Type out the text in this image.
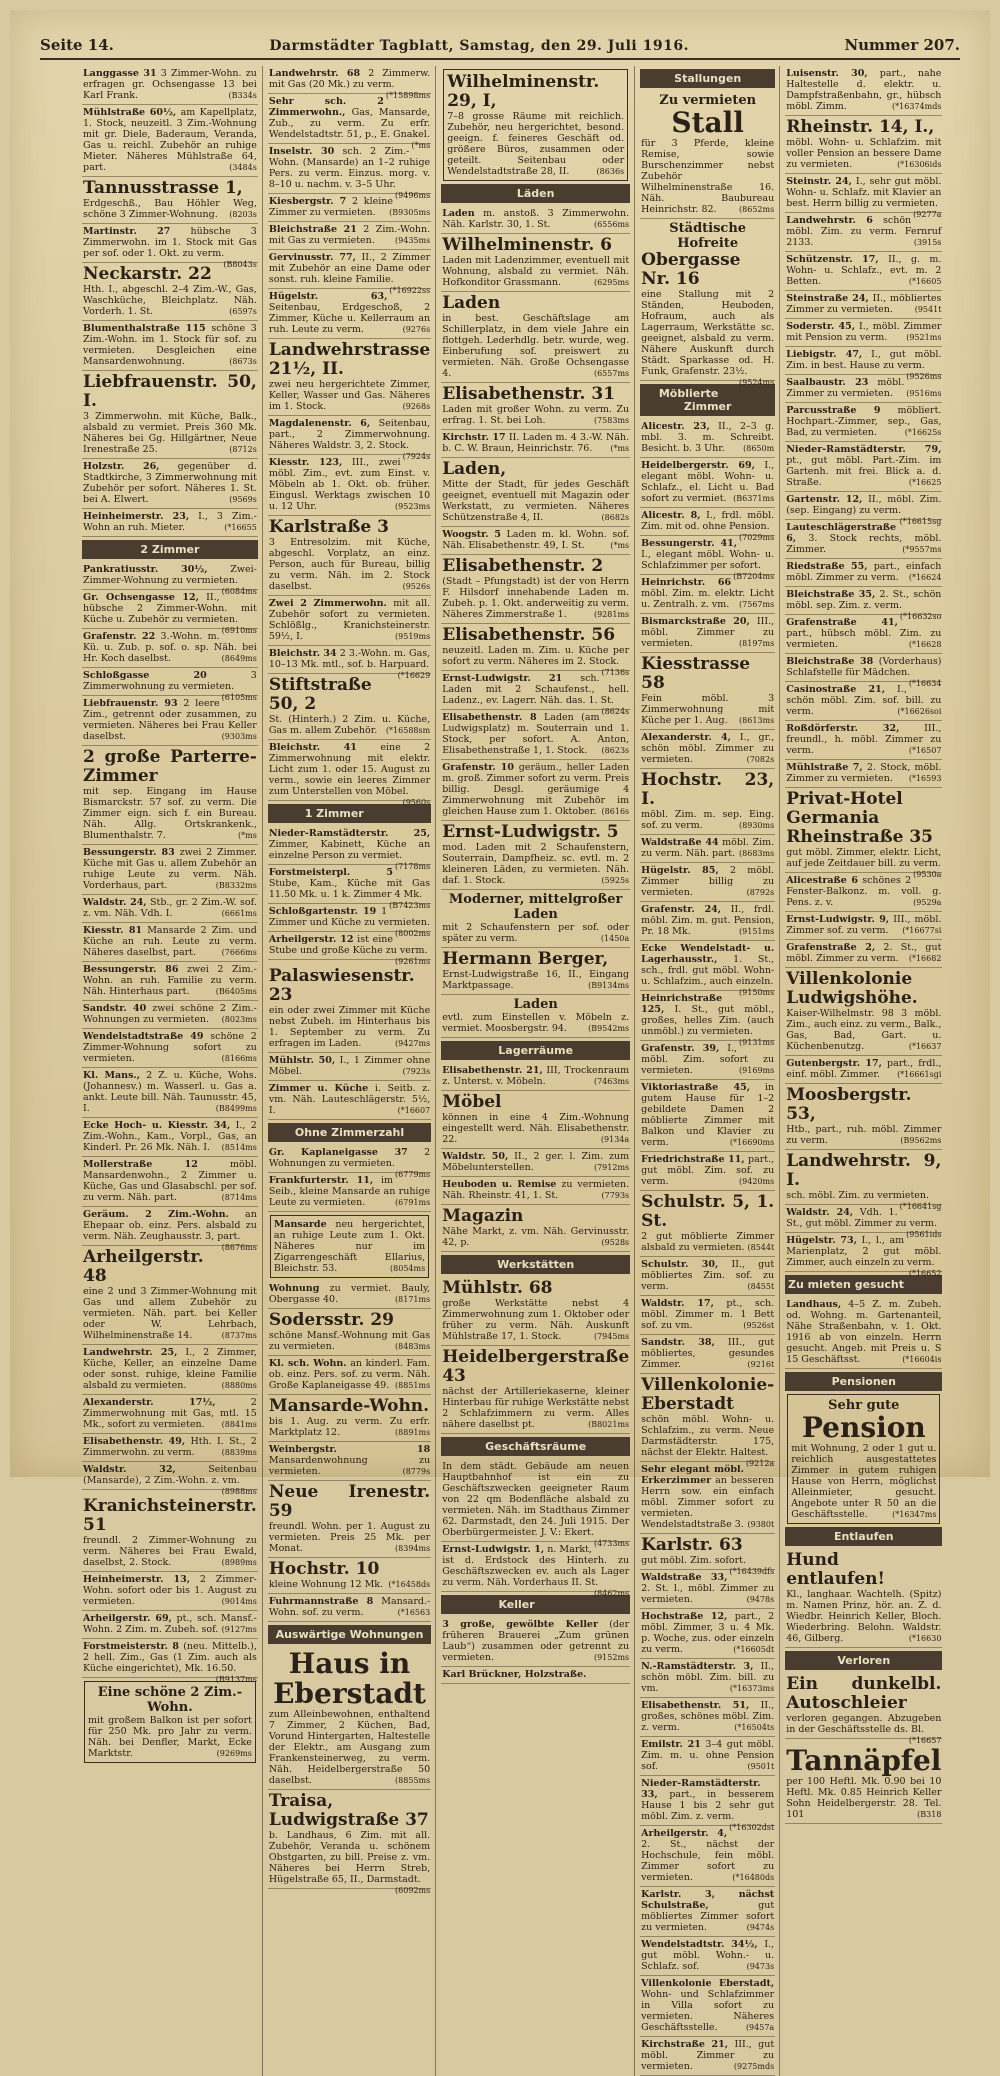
Seite 14.	Darmstädter Tagblatt, Samstag, den 29. Juli 1916.	Nummer 207.
Langgasse 31 3 Zimmer-Wohn. zu erfragen gr. Ochsengasse 13 bei Karl Frank.	(B334s
Mühlstraße 60½, am Kapellplatz, 1. Stock, neuzeitl. 3 Zim.-Wohnung mit gr. Diele, Baderaum, Veranda, Gas u. reichl. Zubehör an ruhige Mieter. Näheres Mühlstraße 64, part.	(3484s
Tannusstrasse 1,
Erdgeschß., Bau Höhler Weg, schöne 3 Zimmer-Wohnung. (8203s
Martinstr. 27 hübsche 3 Zimmerwohn. im 1. Stock mit Gas per sof. oder 1. Okt. zu verm.
(B8043s
Neckarstr. 22
Hth. I., abgeschl. 2–4 Zim.-W., Gas, Waschküche, Bleichplatz. Näh. Vorderh. 1. St.	(6597s
Blumenthalstraße 115 schöne 3 Zim.-Wohn. im 1. Stock für sof. zu vermieten. Desgleichen eine Mansardenwohnung.	(8673s
Liebfrauenstr. 50, I.
3 Zimmerwohn. mit Küche, Balk., alsbald zu vermiet. Preis 360 Mk. Näheres bei Gg. Hillgärtner, Neue Irenestraße 25.	(8712s
Holzstr. 26, gegenüber d. Stadtkirche, 3 Zimmerwohnung mit Zubehör per sofort. Näheres 1. St. bei A. Elwert.	(9569s
Heinheimerstr. 23, I., 3 Zim.-Wohn an ruh. Mieter.	(*16655
2 Zimmer
Pankratiusstr. 30½, Zwei-Zimmer-Wohnung zu vermieten.
(6084ms
Gr. Ochsengasse 12, II., hübsche 2 Zimmer-Wohn. mit Küche u. Zubehör zu vermieten.
(6910ms
Grafenstr. 22 3.-Wohn. m. Kü. u. Zub. p. sof. o. sp. Näh. bei Hr. Koch daselbst.	(8649ms
Schloßgasse 20	3 Zimmerwohnung zu vermieten.
(6105ms
Liebfrauenstr. 93 2 leere Zim., getrennt oder zusammen, zu vermieten. Näheres bei Frau Keller daselbst.	(9303ms
2 große Parterre-Zimmer
mit sep. Eingang im Hause Bismarckstr. 57 sof. zu verm. Die Zimmer eign. sich f. ein Bureau. Näh. Allg. Ortskrankenk., Blumenthalstr. 7.	(*ms
Bessungerstr. 83 zwei 2 Zimmer. Küche mit Gas u. allem Zubehör an ruhige Leute zu verm. Näh. Vorderhaus, part.	(B8332ms
Waldstr. 24, Stb., gr. 2 Zim.-W. sof. z. vm. Näh. Vdh. I.	(6661ms
Kiesstr. 81 Mansarde 2 Zim. und Küche an ruh. Leute zu verm. Näheres daselbst, part.	(7666ms
Bessungerstr. 86 zwei 2 Zim.-Wohn. an ruh. Familie zu verm. Näh. Hinterhaus part.	(B6405ms
Sandstr. 40 zwei schöne 2 Zim.-Wohnungen zu vermieten. (8023ms
Wendelstadtstraße 49 schöne 2 Zimmer-Wohnung sofort zu vermieten.	(8166ms
Kl. Mans., 2 Z. u. Küche, Wohs. (Johannesv.) m. Wasserl. u. Gas a. ankt. Leute bill. Näh. Taunusstr. 45, I.	(B8499ms
Ecke Hoch- u. Kiesstr. 34, I., 2 Zim.-Wohn., Kam., Vorpl., Gas, an Kinderl. Pr. 26 Mk. Näh. I. (8514ms
Mollerstraße 12	möbl. Mansardenwohn., 2 Zimmer u. Küche, Gas und Glasabschl. per sof. zu verm. Näh. part.	(8714ms
Geräum. 2 Zim.-Wohn. an Ehepaar ob. einz. Pers. alsbald zu verm. Näh. Zeughausstr. 3, part.
(8676ms
Arheilgerstr. 48
eine 2 und 3 Zimmer-Wohnung mit Gas und allem Zubehör zu vermieten. Näh. part. bei Keller oder W. Lehrbach, Wilhelminenstraße 14.	(8737ms
Landwehrstr. 25, I., 2 Zimmer, Küche, Keller, an einzelne Dame oder sonst. ruhige, kleine Familie alsbald zu vermieten.	(8880ms
Alexanderstr. 17½,	2 Zimmerwohnung mit Gas, mtl. 15 Mk., sofort zu vermieten. (8841ms
Elisabethenstr. 49, Hth. I. St., 2 Zimmerwohn. zu verm.	(8839ms
Waldstr. 32,	Seitenbau (Mansarde), 2 Zim.-Wohn. z. vm.
(8988ms
Kranichsteinerstr. 51
freundl. 2 Zimmer-Wohnung zu verm. Näheres bei Frau Ewald, daselbst, 2. Stock.	(8989ms
Heinheimerstr. 13, 2 Zimmer-Wohn. sofort oder bis 1. August zu vermieten.	(9014ms
Arheilgerstr. 69, pt., sch. Mansf.-Wohn. 2 Zim. m. Zubeh. sof. (9127ms
Forstmeisterstr. 8 (neu. Mittelb.), 2 hell. Zim., Gas (1 Zim. auch als Küche eingerichtet), Mk. 16.50.
(B9137ms
Eine schöne 2 Zim.-Wohn.
mit großem Balkon ist per sofort für 250 Mk. pro Jahr zu verm. Näh. bei Denfler, Markt, Ecke Marktstr.	(9269ms
Landwehrstr. 68 2 Zimmerw. mit Gas (20 Mk.) zu verm.
(*15898ms
Sehr sch. 2 Zimmerwohn., Gas, Mansarde, Zub., zu verm. Zu erfr. Wendelstadtstr. 51, p., E. Gnakel.
(*ms
Inselstr. 30 sch. 2 Zim.-Wohn. (Mansarde) an 1–2 ruhige Pers. zu verm. Einzus. morg. v. 8–10 u. nachm. v. 3–5 Uhr.
(9496ms
Kiesbergstr. 7 2 kleine Zimmer zu vermieten. (B9305ms
Bleichstraße 21 2 Zim.-Wohn. mit Gas zu vermieten.	(9435ms
Gervinusstr. 77, II., 2 Zimmer mit Zubehör an eine Dame oder sonst. ruh. kleine Familie.
(*16922ss
Hügelstr. 63, Seitenbau, Erdgeschoß, 2 Zimmer, Küche u. Kellerraum an ruh. Leute zu verm.	(9276s
Landwehrstrasse 21½, II.
zwei neu hergerichtete Zimmer, Keller, Wasser und Gas. Näheres im 1. Stock.	(9268s
Magdalenenstr. 6, Seitenbau, part., 2 Zimmerwohnung. Näheres Waldstr. 3, 2. Stock.
(7924s
Kiesstr. 123, III., zwei möbl. Zim., evt. zum Einst. v. Möbeln ab 1. Okt. ob. früher. Eingusl. Werktags zwischen 10 u. 12 Uhr.	(9523ms
Karlstraße 3
3 Entresolzim. mit Küche, abgeschl. Vorplatz, an einz. Person, auch für Bureau, billig zu verm. Näh. im 2. Stock daselbst.	(9526s
Zwei 2 Zimmerwohn. mit all. Zubehör sofort zu vermieten. Schlößlg., Kranichsteinerstr. 59½, I.	(9519ms
Bleichstr. 34 2 3.-Wohn. m. Gas, 10–13 Mk. mtl., sof. b. Harpuard.
(*16629
Stiftstraße 50, 2
St. (Hinterh.) 2 Zim. u. Küche, Gas m. allem Zubehör. (*16588sm
Bleichstr. 41 eine 2 Zimmerwohnung mit elektr. Licht zum 1. oder 15. August zu verm., sowie ein leeres Zimmer zum Unterstellen von Möbel.
(9560s
1 Zimmer
Nieder-Ramstädterstr. 25, Zimmer, Kabinett, Küche an einzelne Person zu vermiet.
(7178ms
Forstmeisterpl. 5 Stube, Kam., Küche mit Gas 11.50 Mk. u. 1 k. Zimmer 4 Mk.
(B7423ms
Schloßgartenstr. 19 1 Zimmer und Küche zu vermieten.
(8002ms
Arheilgerstr. 12 ist eine Stube und große Küche zu verm.
(9261ms
Palaswiesenstr. 23
ein oder zwei Zimmer mit Küche nebst Zubeh. im Hinterhaus bis 1. September zu verm. Zu erfragen im Laden.	(9427ms
Mühlstr. 50, I., 1 Zimmer ohne Möbel.	(7923s
Zimmer u. Küche i. Seitb. z. vm. Näh. Lauteschlägerstr. 5½, I.	(*16607
Ohne Zimmerzahl
Gr. Kaplaneigasse 37 2 Wohnungen zu vermieten.
(6779ms
Frankfurterstr. 11, im Seib., kleine Mansarde an ruhige Leute zu vermieten.	(6791ms
Mansarde neu hergerichtet, an ruhige Leute zum 1. Okt. Näheres nur im Zigarrengeschäft Ellarius, Bleichstr. 53.	(8054ms
Wohnung zu vermiet. Bauly, Obergasse 40.	(8171ms
Sodersstr. 29
schöne Mansf.-Wohnung mit Gas zu vermieten.	(8483ms
Kl. sch. Wohn. an kinderl. Fam. ob. einz. Pers. sof. zu verm. Näh. Große Kaplaneigasse 49. (8851ms
Mansarde-Wohn.
bis 1. Aug. zu verm. Zu erfr. Marktplatz 12.	(8891ms
Weinbergstr. 18 Mansardenwohnung zu vermieten.	(8779s
Neue Irenestr. 59
freundl. Wohn. per 1. August zu vermieten. Preis 25 Mk. per Monat.	(8394ms
Hochstr. 10
kleine Wohnung 12 Mk. (*16458ds
Fuhrmannstraße 8 Mansard.-Wohn. sof. zu verm.	(*16563
Auswärtige Wohnungen
Haus in Eberstadt
zum Alleinbewohnen, enthaltend 7 Zimmer, 2 Küchen, Bad, Vorund Hintergarten, Haltestelle der Elektr., am Ausgang zum Frankensteinerweg, zu verm. Näh. Heidelbergerstraße 50 daselbst.	(8855ms
Traisa, Ludwigstraße 37
b. Landhaus, 6 Zim. mit all. Zubehör, Veranda u. schönem Obstgarten, zu bill. Preise z. vm. Näheres bei Herrn Streb, Hügelstraße 65, II., Darmstadt.
(6092ms
Wilhelminenstr. 29, I,
7–8 grosse Räume mit reichlich. Zubehör, neu hergerichtet, besond. geeign. f. feineres Geschäft od. größere Büros, zusammen oder geteilt. Seitenbau oder Wendelstadtstraße 28, II.	(8636s
Läden
Laden m. anstoß. 3 Zimmerwohn. Näh. Karlstr. 30, 1. St.	(6556ms
Wilhelminenstr. 6
Laden mit Ladenzimmer, eventuell mit Wohnung, alsbald zu vermiet. Näh. Hofkonditor Grassmann.	(6295ms
Laden
in best. Geschäftslage am Schillerplatz, in dem viele Jahre ein flottgeh. Lederhdlg. betr. wurde, weg. Einberufung sof. preiswert zu vermieten. Näh. Große Ochsengasse 4.	(6557ms
Elisabethenstr. 31
Laden mit großer Wohn. zu verm. Zu erfrag. 1. St. bei Loh.	(7583ms
Kirchstr. 17 II. Laden m. 4 3.-W. Näh. b. C. W. Braun, Heinrichstr. 76. (*ms
Laden,
Mitte der Stadt, für jedes Geschäft geeignet, eventuell mit Magazin oder Werkstatt, zu vermieten. Näheres Schützenstraße 4, II.	(8682s
Woogstr. 5 Laden m. kl. Wohn. sof. Näh. Elisabethenstr. 49, I. St.	(*ms
Elisabethenstr. 2
(Stadt – Pfungstadt) ist der von Herrn F. Hilsdorf innehabende Laden m. Zubeh. p. 1. Okt. anderweitig zu verm. Näheres Zimmerstraße 1.	(9281ms
Elisabethenstr. 56
neuzeitl. Laden m. Zim. u. Küche per sofort zu verm. Näheres im 2. Stock.
(7136s
Ernst-Ludwigstr. 21 sch. Laden mit 2 Schaufenst., hell. Ladenz., ev. Lagerr. Näh. das. 1. St.
(8624s
Elisabethenstr. 8 Laden (am Ludwigsplatz) m. Souterrain und 1. Stock, per sofort. A. Anton, Elisabethenstraße 1, 1. Stock. (8623s
Grafenstr. 10 geräum., heller Laden m. groß. Zimmer sofort zu verm. Preis billig. Desgl. geräumige 4 Zimmerwohnung mit Zubehör im gleichen Hause zum 1. Oktober. (8616s
Ernst-Ludwigstr. 5
mod. Laden mit 2 Schaufenstern, Souterrain, Dampfheiz. sc. evtl. m. 2 kleineren Läden, zu vermieten. Näh. daf. 1. Stock.	(5925s
Moderner, mittelgroßer Laden
mit 2 Schaufenstern per sof. oder später zu verm.	(1450a
Hermann Berger,
Ernst-Ludwigstraße 16, II., Eingang Marktpassage.	(B9134ms
Laden
evtl. zum Einstellen v. Möbeln z. vermiet. Moosbergstr. 94.	(B9542ms
Lagerräume
Elisabethenstr. 21, III, Trockenraum z. Unterst. v. Möbeln.	(7463ms
Möbel
können in eine 4 Zim.-Wohnung eingestellt werd. Näh. Elisabethenstr. 22.	(9134a
Waldstr. 50, II., 2 ger. l. Zim. zum Möbelunterstellen.	(7912ms
Heuboden u. Remise zu vermieten. Näh. Rheinstr. 41, 1. St.	(7793s
Magazin
Nähe Markt, z. vm. Näh. Gervinusstr. 42, p.	(9528s
Werkstätten
Mühlstr. 68
große Werkstätte nebst 4 Zimmerwohnung zum 1. Oktober oder früher zu verm. Näh. Auskunft Mühlstraße 17, 1. Stock.	(7945ms
Heidelbergerstraße 43
nächst der Artilleriekaserne, kleiner Hinterbau für ruhige Werkstätte nebst 2 Schlafzimmern zu verm. Alles nähere daselbst pt.	(B8021ms
Geschäftsräume
In dem städt. Gebäude am neuen Hauptbahnhof ist ein zu Geschäftszwecken geeigneter Raum von 22 qm Bodenfläche alsbald zu vermieten. Näh. im Stadthaus Zimmer 62. Darmstadt, den 24. Juli 1915. Der Oberbürgermeister. J. V.: Ekert.
(4733ms
Ernst-Ludwigstr. 1, n. Markt, ist d. Erdstock des Hinterh. zu Geschäftszwecken ev. auch als Lager zu verm. Näh. Vorderhaus II. St.
(8462ms
Keller
3 große, gewölbte Keller (der früheren Brauerei „Zum grünen Laub“) zusammen oder getrennt zu vermieten.	(9152ms
Karl Brückner, Holzstraße.
Stallungen
Zu vermieten
Stall
für 3 Pferde, kleine Remise, sowie Burschenzimmer nebst Zubehör Wilhelminenstraße 16. Näh. Baubureau Heinrichstr. 82.	(8652ms
Städtische Hofreite
Obergasse Nr. 16
eine Stallung mit 2 Ständen, Heuboden, Hofraum, auch als Lagerraum, Werkstätte sc. geeignet, alsbald zu verm. Nähere Auskunft durch Städt. Sparkasse od. H. Funk, Grafenstr. 23½.
(9524ms
Möblierte Zimmer
Alicestr. 23, II., 2–3 g. mbl. 3. m. Schreibt. Besicht. b. 3 Uhr. (8650m
Heidelbergerstr. 69, I., elegant möbl. Wohn- u. Schlafz., el. Licht u. Bad sofort zu vermiet. (B6371ms
Alicestr. 8, I., frdl. möbl. Zim. mit od. ohne Pension.
(7029ms
Bessungerstr. 41, I., elegant möbl. Wohn- u. Schlafzimmer per sofort.
(B7204ms
Heinrichstr. 66 möbl. Zim. m. elektr. Licht u. Zentralh. z. vm. (7567ms
Bismarckstraße 20, III., möbl. Zimmer zu vermieten.	(8197ms
Kiesstrasse 58
Fein möbl. 3 Zimmerwohnung mit Küche per 1. Aug. (8613ms
Alexanderstr. 4, I., gr., schön möbl. Zimmer zu vermieten.	(7082s
Hochstr. 23, I.
möbl. Zim. m. sep. Eing. sof. zu verm.	(8930ms
Waldstraße 44 möbl. Zim. zu verm. Näh. part. (8683ms
Hügelstr. 85, 2 möbl. Zimmer billig zu vermieten.	(8792s
Grafenstr. 24, II., frdl. möbl. Zim. m. gut. Pension, Pr. 18 Mk.	(9151ms
Ecke Wendelstadt- u. Lagerhausstr., 1. St., sch., frdl. gut möbl. Wohn- u. Schlafzim., auch einzeln.
(9150ms
Heinrichstraße 125, I. St., gut möbl., großes, helles Zim. (auch unmöbl.) zu vermieten.
(9131ms
Grafenstr. 39, I., möbl. Zim. sofort zu vermieten.	(9169ms
Viktoriastraße 45, in gutem Hause für 1–2 gebildete Damen 2 möblierte Zimmer mit Balkon und Klavier zu verm.	(*16690ms
Friedrichstraße 11, part., gut möbl. Zim. sof. zu verm.	(9420ms
Schulstr. 5, 1. St.
2 gut möblierte Zimmer alsbald zu vermieten. (8544t
Schulstr. 30, II., gut möbliertes Zim. sof. zu verm.	(8455t
Waldstr. 17, pt., sch. möbl. Zimmer m. 1 Bett sof. zu vm.	(9526st
Sandstr. 38, III., gut möbliertes, gesundes Zimmer.	(9216t
Villenkolonie-Eberstadt
schön möbl. Wohn- u. Schlafzim., zu verm. Neue Darmstädterstr. 175, nächst der Elektr. Haltest.
(9212a
Sehr elegant möbl. Erkerzimmer an besseren Herrn sow. ein einfach möbl. Zimmer sofort zu vermieten. Wendelstadtstraße 3. (9380t
Karlstr. 63
gut möbl. Zim. sofort.
(*16439dfs
Waldstraße 33, 2. St. l., möbl. Zimmer zu vermieten.	(9478s
Hochstraße 12, part., 2 möbl. Zimmer, 3 u. 4 Mk. p. Woche, zus. oder einzeln zu verm.	(*16605dt
N.-Ramstädterstr. 3, II., schön möbl. Zim. bill. zu vm.	(*16373ms
Elisabethenstr. 51, II., großes, schönes möbl. Zim. z. verm.	(*16504ts
Emilstr. 21 3–4 gut möbl. Zim. m. u. ohne Pension sof.	(9501t
Nieder-Ramstädterstr. 33, part., in besserem Hause 1 bis 2 sehr gut möbl. Zim. z. verm.
(*16302dst
Arheilgerstr. 4, 2. St., nächst der Hochschule, fein möbl. Zimmer sofort zu vermieten.	(*16480ds
Karlstr. 3, nächst Schulstraße,	gut möbliertes Zimmer sofort zu vermieten.	(9474s
Wendelstadtstr. 34½, I., gut möbl. Wohn.- u. Schlafz. sof.	(9473s
Villenkolonie Eberstadt, Wohn- und Schlafzimmer in Villa sofort zu vermieten. Näheres Geschäftsstelle.	(9457a
Kirchstraße 21, III., gut möbl. Zimmer zu vermieten.	(9275mds
Luisenstr. 30, part., nahe Haltestelle d. elektr. u. Dampfstraßenbahn, gr., hübsch möbl. Zimm.	(*16374mds
Rheinstr. 14, I.,
möbl. Wohn- u. Schlafzim. mit voller Pension an bessere Dame zu vermieten.	(*16306ids
Steinstr. 24, I., sehr gut möbl. Wohn- u. Schlafz. mit Klavier an best. Herrn billig zu vermieten.
(9277a
Landwehrstr. 6 schön möbl. Zim. zu verm. Fernruf 2133.	(3915s
Schützenstr. 17, II., g. m. Wohn- u. Schlafz., evt. m. 2 Betten.	(*16605
Steinstraße 24, II., möbliertes Zimmer zu vermieten.	(9541t
Soderstr. 45, I., möbl. Zimmer mit Pension zu verm. (9521ms
Liebigstr. 47, I., gut möbl. Zim. in best. Hause zu verm.
(9526ms
Saalbaustr. 23 möbl. Zimmer zu vermieten. (9516ms
Parcusstraße 9 möbliert. Hochpart.-Zimmer, sep., Gas, Bad, zu vermieten.	(*16625s
Nieder-Ramstädterstr. 79, pt., gut möbl. Part.-Zim. im Gartenh. mit frei. Blick a. d. Straße.	(*16625
Gartenstr. 12, II., möbl. Zim. (sep. Eingang) zu verm.
(*16615sg
Lauteschlägerstraße 6, 3. Stock rechts, möbl. Zimmer.	(*9557ms
Riedstraße 55, part., einfach möbl. Zimmer zu verm. (*16624
Bleichstraße 35, 2. St., schön möbl. sep. Zim. z. verm.
(*16632so
Grafenstraße 41, part., hübsch möbl. Zim. zu vermieten.	(*16628
Bleichstraße 38 (Vorderhaus) Schlafstelle für Mädchen.
(*16634
Casinostraße 21, I., schön möbl. Zim. sof. bill. zu verm.	(*16626soi
Roßdörferstr. 32,	III., freundl., h. möbl. Zimmer zu verm.	(*16507
Mühlstraße 7, 2. Stock, möbl. Zimmer zu vermieten. (*16593
Privat-Hotel Germania Rheinstraße 35
gut möbl. Zimmer, elektr. Licht, auf jede Zeitdauer bill. zu verm.
(9530a
Alicestraße 6 schönes 2 Fenster-Balkonz. m. voll. g. Pens. z. v.	(9529a
Ernst-Ludwigstr. 9, III., möbl. Zimmer sof. zu verm. (*16677si
Grafenstraße 2, 2. St., gut möbl. Zimmer zu verm. (*16682
Villenkolonie Ludwigshöhe.
Kaiser-Wilhelmstr. 98 3 möbl. Zim., auch einz. zu verm., Balk., Gas, Bad, Gart. u. Küchenbenutzg.	(*16637
Gutenbergstr. 17, part., frdl., einf. möbl. Zimmer. (*16661sgi
Moosbergstr. 53,
Htb., part., ruh. möbl. Zimmer zu verm.	(B9562ms
Landwehrstr. 9, I.
sch. möbl. Zim. zu vermieten.
(*16641sg
Waldstr. 24, Vdh. 1. St., gut möbl. Zimmer zu verm.
(9561ids
Hügelstr. 73, I., l., am Marienplatz, 2 gut möbl. Zimmer, auch einzeln zu verm.
(*16652
Zu mieten gesucht
Landhaus, 4–5 Z. m. Zubeh. od. Wohng. m. Gartenanteil, Nähe Straßenbahn, v. 1. Okt. 1916 ab von einzeln. Herrn gesucht. Angeb. mit Preis u. S 15 Geschäftsst.	(*16604is
Pensionen
Sehr gute
Pension
mit Wohnung, 2 oder 1 gut u. reichlich ausgestattetes Zimmer in gutem ruhigen Hause von Herrn, möglichst Alleinmieter, gesucht. Angebote unter R 50 an die Geschäftsstelle.	(*16347ms
Entlaufen
Hund entlaufen!
Kl., langhaar. Wachtelh. (Spitz) m. Namen Prinz, hör. an. Z. d. Wiedbr. Heinrich Keller, Bloch. Wiederbring. Belohn. Waldstr. 46, Gilberg.	(*16630
Verloren
Ein dunkelbl. Autoschleier
verloren gegangen. Abzugeben in der Geschäftsstelle ds. Bl.
(*16657
Tannäpfel
per 100 Heftl. Mk. 0.90 bei 10 Heftl. Mk. 0.85 Heinrich Keller Sohn Heidelbergerstr. 28. Tel. 101	(B318
